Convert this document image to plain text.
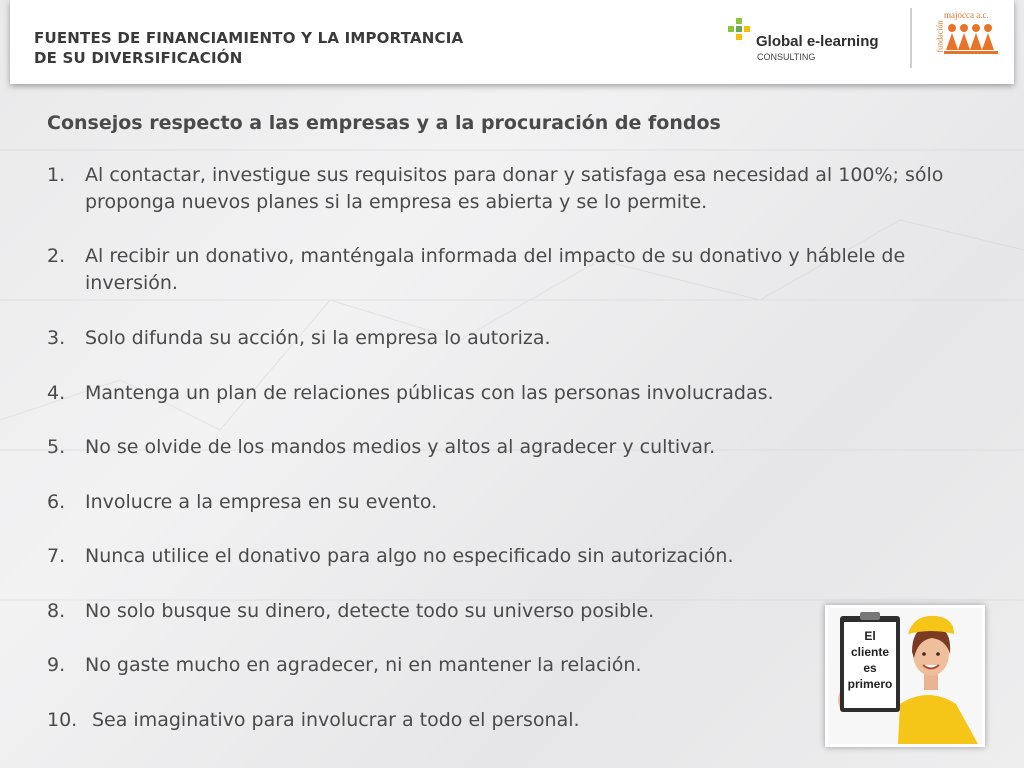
FUENTES DE FINANCIAMIENTO Y LA IMPORTANCIA
DE SU DIVERSIFICACIÓN
Global e-learning
CONSULTING
fundación
majocca a.c.
Consejos respecto a las empresas y a la procuración de fondos
1.	Al contactar, investigue sus requisitos para donar y satisfaga esa necesidad al 100%; sólo proponga nuevos planes si la empresa es abierta y se lo permite.
2.	Al recibir un donativo, manténgala informada del impacto de su donativo y háblele de inversión.
3.	Solo difunda su acción, si la empresa lo autoriza.
4.	Mantenga un plan de relaciones públicas con las personas involucradas.
5.	No se olvide de los mandos medios y altos al agradecer y cultivar.
6.	Involucre a la empresa en su evento.
7.	Nunca utilice el donativo para algo no especificado sin autorización.
8.	No solo busque su dinero, detecte todo su universo posible.
9.	No gaste mucho en agradecer, ni en mantener la relación.
10. Sea imaginativo para involucrar a todo el personal.
El
cliente
es
primero
